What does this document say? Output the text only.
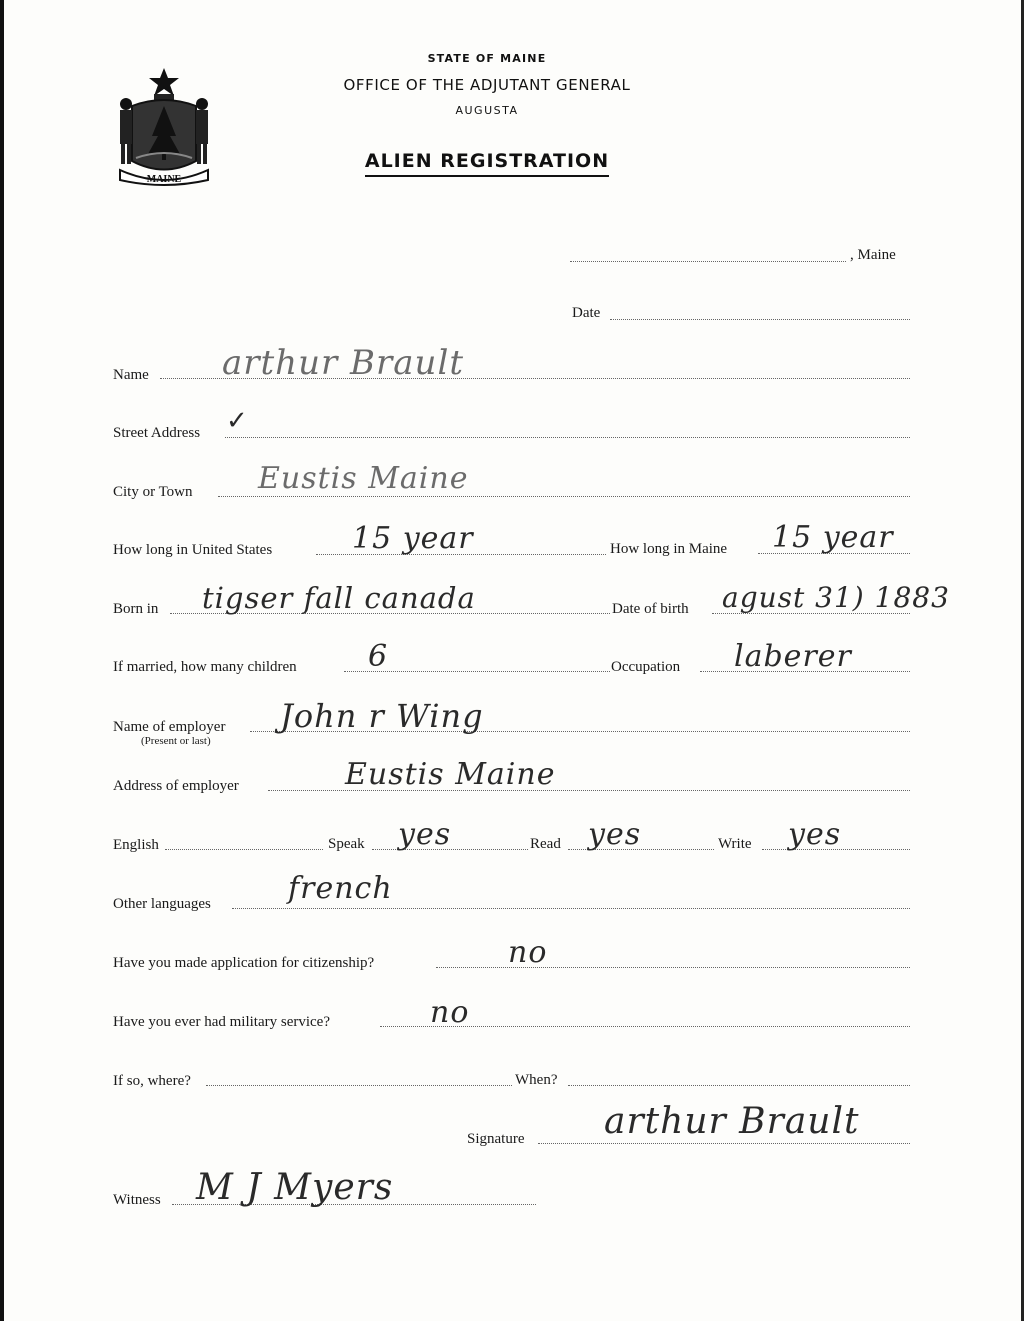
MAINE
STATE OF MAINE
OFFICE OF THE ADJUTANT GENERAL
AUGUSTA
ALIEN REGISTRATION
, Maine
Date
Name arthur Brault
Street Address ✓
City or Town Eustis Maine
How long in United States	15 year	How long in Maine 15 year
Born in tigser fall canada	Date of birth agust 31) 1883
If married, how many children 6	Occupation laberer
Name of employer
(Present or last)
John r Wing
Address of employer	Eustis Maine
English	Speak yes	Read yes	Write yes
Other languages	french
Have you made application for citizenship?	no
Have you ever had military service?	no
If so, where?	When?
Signature arthur Brault
Witness M J Myers
